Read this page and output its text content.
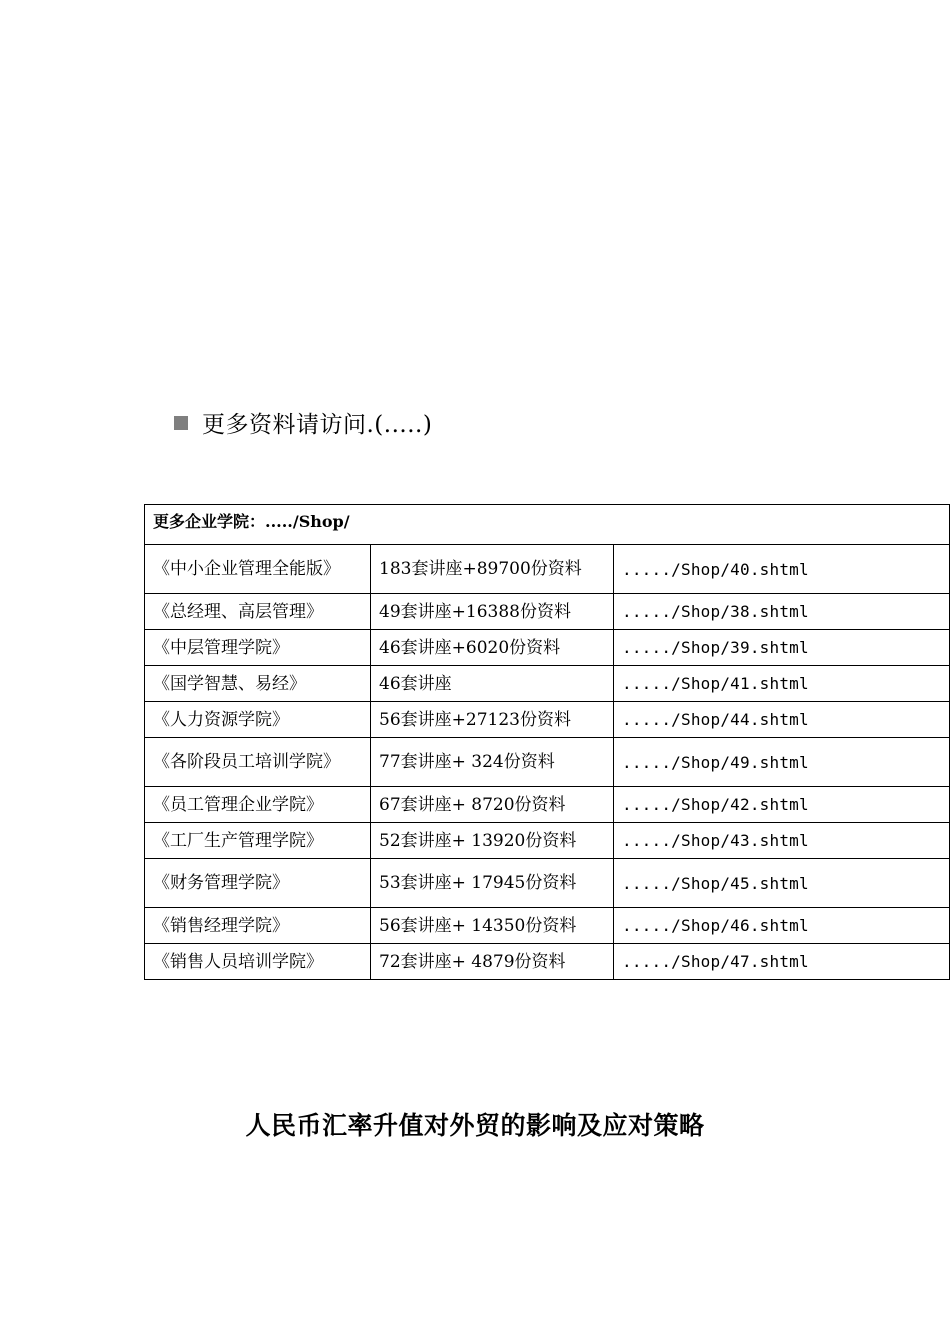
更多资料请访问.(.....)
更多企业学院：...../Shop/		
《中小企业管理全能版》	183套讲座+89700份资料	...../Shop/40.shtml
《总经理、高层管理》	49套讲座+16388份资料	...../Shop/38.shtml
《中层管理学院》	46套讲座+6020份资料	...../Shop/39.shtml
《国学智慧、易经》	46套讲座	...../Shop/41.shtml
《人力资源学院》	56套讲座+27123份资料	...../Shop/44.shtml
《各阶段员工培训学院》	77套讲座+ 324份资料	...../Shop/49.shtml
《员工管理企业学院》	67套讲座+ 8720份资料	...../Shop/42.shtml
《工厂生产管理学院》	52套讲座+ 13920份资料	...../Shop/43.shtml
《财务管理学院》	53套讲座+ 17945份资料	...../Shop/45.shtml
《销售经理学院》	56套讲座+ 14350份资料	...../Shop/46.shtml
《销售人员培训学院》	72套讲座+ 4879份资料	...../Shop/47.shtml
人民币汇率升值对外贸的影响及应对策略
